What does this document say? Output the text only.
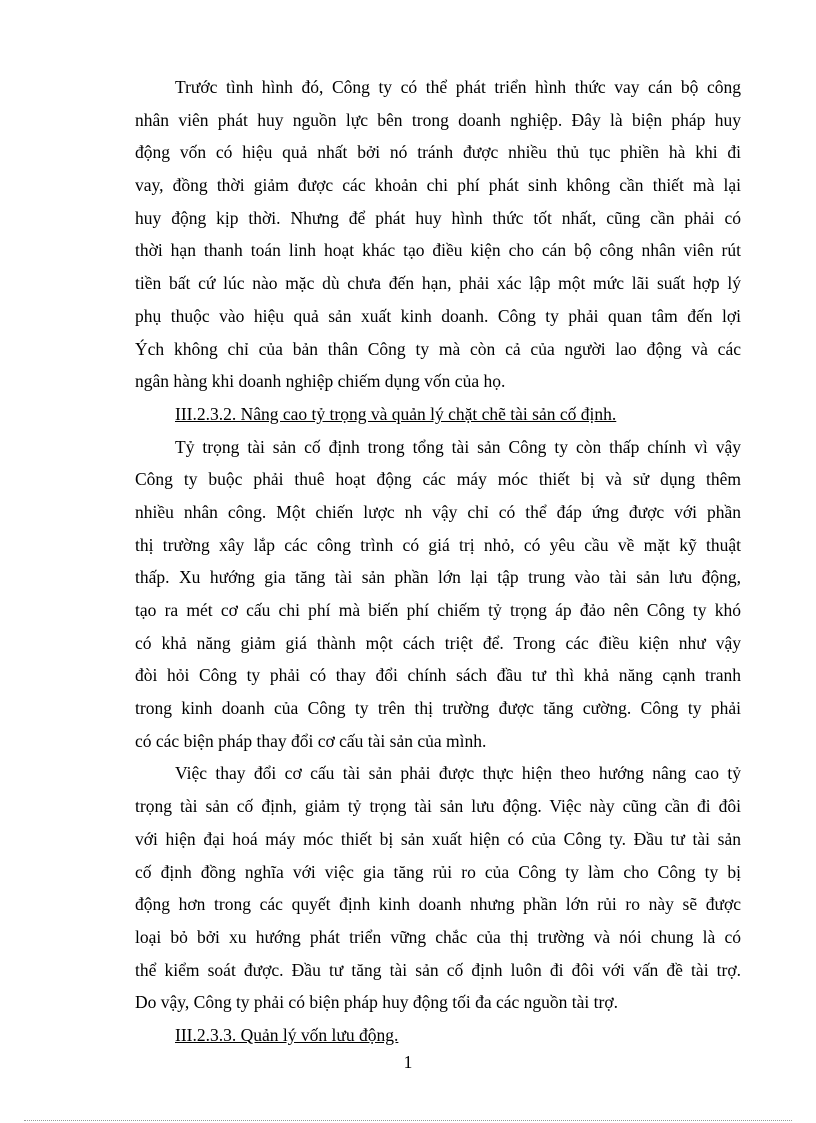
Trước tình hình đó, Công ty có thể phát triển hình thức vay cán bộ công
nhân viên phát huy nguồn lực bên trong doanh nghiệp. Đây là biện pháp huy
động vốn có hiệu quả nhất bởi nó tránh được nhiều thủ tục phiền hà khi đi
vay, đồng thời giảm được các khoản chi phí phát sinh không cần thiết mà lại
huy động kịp thời. Nhưng để phát huy hình thức tốt nhất, cũng cần phải có
thời hạn thanh toán linh hoạt khác tạo điều kiện cho cán bộ công nhân viên rút
tiền bất cứ lúc nào mặc dù chưa đến hạn, phải xác lập một mức lãi suất hợp lý
phụ thuộc vào hiệu quả sản xuất kinh doanh. Công ty phải quan tâm đến lợi
Ých không chỉ của bản thân Công ty mà còn cả của người lao động và các
ngân hàng khi doanh nghiệp chiếm dụng vốn của họ.
III.2.3.2. Nâng cao tỷ trọng và quản lý chặt chẽ tài sản cố định.
Tỷ trọng tài sản cố định trong tổng tài sản Công ty còn thấp chính vì vậy
Công ty buộc phải thuê hoạt động các máy móc thiết bị và sử dụng thêm
nhiều nhân công. Một chiến lược nh vậy chỉ có thể đáp ứng được với phần
thị trường xây lắp các công trình có giá trị nhỏ, có yêu cầu về mặt kỹ thuật
thấp. Xu hướng gia tăng tài sản phần lớn lại tập trung vào tài sản lưu động,
tạo ra mét cơ cấu chi phí mà biến phí chiếm tỷ trọng áp đảo nên Công ty khó
có khả năng giảm giá thành một cách triệt để. Trong các điều kiện như vậy
đòi hỏi Công ty phải có thay đổi chính sách đầu tư thì khả năng cạnh tranh
trong kinh doanh của Công ty trên thị trường được tăng cường. Công ty phải
có các biện pháp thay đổi cơ cấu tài sản của mình.
Việc thay đổi cơ cấu tài sản phải được thực hiện theo hướng nâng cao tỷ
trọng tài sản cố định, giảm tỷ trọng tài sản lưu động. Việc này cũng cần đi đôi
với hiện đại hoá máy móc thiết bị sản xuất hiện có của Công ty. Đầu tư tài sản
cố định đồng nghĩa với việc gia tăng rủi ro của Công ty làm cho Công ty bị
động hơn trong các quyết định kinh doanh nhưng phần lớn rủi ro này sẽ được
loại bỏ bởi xu hướng phát triển vững chắc của thị trường và nói chung là có
thể kiểm soát được. Đầu tư tăng tài sản cố định luôn đi đôi với vấn đề tài trợ.
Do vậy, Công ty phải có biện pháp huy động tối đa các nguồn tài trợ.
III.2.3.3. Quản lý vốn lưu động.
1
